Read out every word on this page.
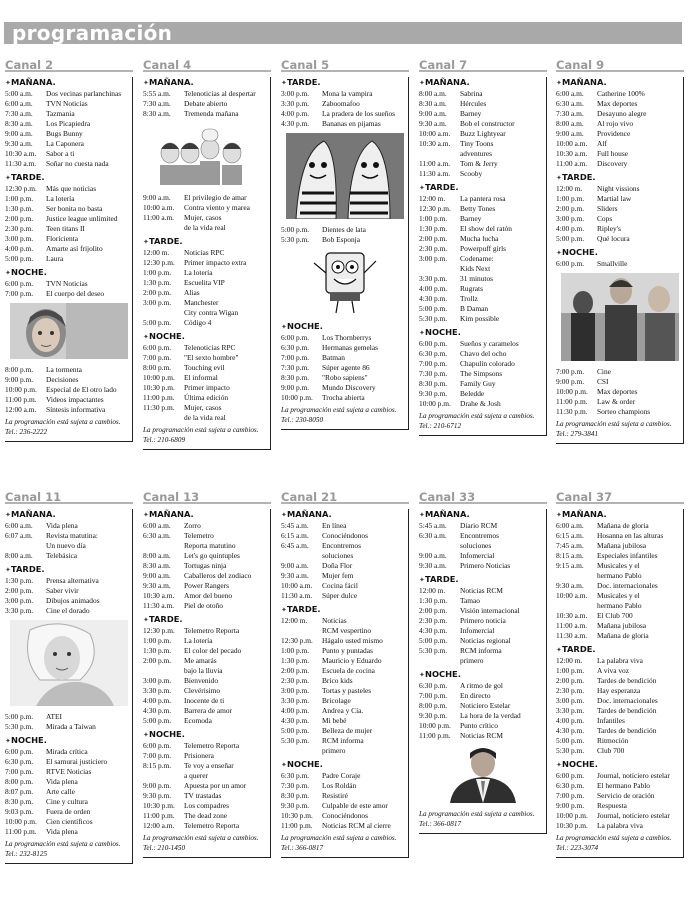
programación
Canal 2
✦MAÑANA.
5:00 a.m.	Dos vecinas parlanchinas
6:00 a.m.	TVN Noticias
7:30 a.m.	Tazmania
8:30 a.m.	Los Picapiedra
9:00 a.m.	Bugs Bunny
9:30 a.m.	La Caponera
10:30 a.m.	Sabor a ti
11:30 a.m.	Soñar no cuesta nada
✦TARDE.
12:30 p.m.	Más que noticias
1:00 p.m.	La lotería
1:30 p.m.	Ser bonita no basta
2:00 p.m.	Justice league unlimited
2:30 p.m.	Teen titans II
3:00 p.m.	Floricienta
4:00 p.m.	Amarte así frijolito
5:00 p.m.	Laura
✦NOCHE.
6:00 p.m.	TVN Noticias
7:00 p.m.	El cuerpo del deseo
8:00 p.m.	La tormenta
9:00 p.m.	Decisiones
10:00 p.m.	Especial de El otro lado
11:00 p.m.	Videos impactantes
12:00 a.m.	Síntesis informativa
La programación está sujeta a cambios. Tel.: 236-2222
Canal 4
✦MAÑANA.
5:55 a.m.	Telenoticias al despertar
7:30 a.m.	Debate abierto
8:30 a.m.	Tremenda mañana
9:00 a.m.	El privilegio de amar
10:00 a.m.	Contra viento y marea
11:00 a.m.	Mujer, casos
de la vida real
✦TARDE.
12:00 m.	Noticias RPC
12:30 p.m.	Primer impacto extra
1:00 p.m.	La lotería
1:30 p.m.	Escuelita VIP
2:00 p.m.	Alias
3:00 p.m.	Manchester
City contra Wigan
5:00 p.m.	Código 4
✦NOCHE.
6:00 p.m.	Telenoticias RPC
7:00 p.m.	"El sexto hombre"
8:00 p.m.	Touching evil
10:00 p.m.	El informal
10:30 p.m.	Primer impacto
11:00 p.m.	Última edición
11:30 p.m.	Mujer, casos
de la vida real
La programación está sujeta a cambios. Tel.: 210-6809
Canal 5
✦TARDE.
3:00 p.m.	Mona la vampira
3:30 p.m.	Zaboomafoo
4:00 p.m.	La pradera de los sueños
4:30 p.m.	Bananas en pijamas
5:00 p.m.	Dientes de lata
5:30 p.m.	Bob Esponja
✦NOCHE.
6:00 p.m.	Los Thornberrys
6:30 p.m.	Hermanas gemelas
7:00 p.m.	Batman
7:30 p.m.	Súper agente 86
8:30 p.m.	"Robo sapiens"
9:00 p.m.	Mundo Discovery
10:00 p.m.	Trocha abierta
La programación está sujeta a cambios. Tel.: 230-8050
Canal 7
✦MAÑANA.
8:00 a.m.	Sabrina
8:30 a.m.	Hércules
9:00 a.m.	Barney
9:30 a.m.	Bob el constructor
10:00 a.m.	Buzz Lightyear
10:30 a.m.	Tiny Toons
adventures
11:00 a.m.	Tom & Jerry
11:30 a.m.	Scooby
✦TARDE.
12:00 m.	La pantera rosa
12:30 p.m.	Betty Tones
1:00 p.m.	Barney
1:30 p.m.	El show del ratón
2:00 p.m.	Mucha lucha
2:30 p.m.	Powerpuff girls
3:00 p.m.	Codename:
Kids Next
3:30 p.m.	31 minutos
4:00 p.m.	Rugrats
4:30 p.m.	Trollz
5:00 p.m.	B Daman
5:30 p.m.	Kim possible
✦NOCHE.
6:00 p.m.	Sueños y caramelos
6:30 p.m.	Chavo del ocho
7:00 p.m.	Chapulín colorado
7:30 p.m.	The Simpsons
8:30 p.m.	Family Guy
9:30 p.m.	Beledde
10:00 p.m.	Drahe & Josh
La programación está sujeta a cambios. Tel.: 210-6712
Canal 9
✦MAÑANA.
6:00 a.m.	Catherine 100%
6:30 a.m.	Max deportes
7:30 a.m.	Desayuno alegre
8:00 a.m.	Al rojo vivo
9:00 a.m.	Providence
10:00 a.m.	Alf
10:30 a.m.	Full house
11:00 a.m.	Discovery
✦TARDE.
12:00 m.	Night vissions
1:00 p.m.	Martial law
2:00 p.m.	Sliders
3:00 p.m.	Cops
4:00 p.m.	Ripley's
5:00 p.m.	Qué locura
✦NOCHE.
6:00 p.m.	Smallville
7:00 p.m.	Cine
9:00 p.m.	CSI
10:00 p.m.	Max deportes
11:00 p.m.	Law & order
11:30 p.m.	Sorteo champions
La programación está sujeta a cambios. Tel.: 279-3841
Canal 11
✦MAÑANA.
6:00 a.m.	Vida plena
6:07 a.m.	Revista matutina:
Un nuevo día
8:00 a.m.	Telebásica
✦TARDE.
1:30 p.m.	Prensa alternativa
2:00 p.m.	Saber vivir
3:00 p.m.	Dibujos animados
3:30 p.m.	Cine el dorado
5:00 p.m.	ATEI
5:30 p.m.	Mirada a Taiwan
✦NOCHE.
6:00 p.m.	Mirada crítica
6:30 p.m.	El samurai justiciero
7:00 p.m.	RTVE Noticias
8:00 p.m.	Vida plena
8:07 p.m.	Arte calle
8:30 p.m.	Cine y cultura
9:03 p.m.	Fuera de orden
10:00 p.m.	Cien científicos
11:00 p.m.	Vida plena
La programación está sujeta a cambios. Tel.: 232-8125
Canal 13
✦MAÑANA.
6:00 a.m.	Zorro
6:30 a.m.	Telemetro
Reporta matutino
8:00 a.m.	Let's go quintuples
8:30 a.m.	Tortugas ninja
9:00 a.m.	Caballeros del zodiaco
9:30 a.m.	Power Rangers
10:30 a.m.	Amor del bueno
11:30 a.m.	Piel de otoño
✦TARDE.
12:30 p.m.	Telemetro Reporta
1:00 p.m.	La lotería
1:30 p.m.	El color del pecado
2:00 p.m.	Me amarás
bajo la lluvia
3:00 p.m.	Bienvenido
3:30 p.m.	Clevérisimo
4:00 p.m.	Inocente de ti
4:30 p.m.	Barrera de amor
5:00 p.m.	Ecomoda
✦NOCHE.
6:00 p.m.	Telemetro Reporta
7:00 p.m.	Prisionera
8:15 p.m.	Te voy a enseñar
a querer
9:00 p.m.	Apuesta por un amor
9:30 p.m.	TV trastadas
10:30 p.m.	Los compadres
11:00 p.m.	The dead zone
12:00 a.m.	Telemetro Reporta
La programación está sujeta a cambios. Tel.: 210-1450
Canal 21
✦MAÑANA.
5:45 a.m.	En línea
6:15 a.m.	Conociéndonos
6:45 a.m.	Encontremos
soluciones
9:00 a.m.	Doña Flor
9:30 a.m.	Mujer fem
10:00 a.m.	Cocina fácil
11:30 a.m.	Súper dulce
✦TARDE.
12:00 m.	Noticias
RCM vespertino
12:30 p.m.	Hágalo usted mismo
1:00 p.m.	Punto y puntadas
1:30 p.m.	Mauricio y Eduardo
2:00 p.m.	Escuela de cocina
2:30 p.m.	Brico kids
3:00 p.m.	Tortas y pasteles
3:30 p.m.	Bricolage
4:00 p.m.	Andrea y Cía.
4:30 p.m.	Mi bebé
5:00 p.m.	Belleza de mujer
5:30 p.m.	RCM informa
primero
✦NOCHE.
6:30 p.m.	Padre Coraje
7:30 p.m.	Los Roldán
8:30 p.m.	Resistiré
9:30 p.m.	Culpable de este amor
10:30 p.m.	Conociéndonos
11:00 p.m.	Noticias RCM al cierre
La programación está sujeta a cambios. Tel.: 366-0817
Canal 33
✦MAÑANA.
5:45 a.m.	Diario RCM
6:30 a.m.	Encontremos
soluciones
9:00 a.m.	Infomercial
9:30 a.m.	Primero Noticias
✦TARDE.
12:00 m.	Noticias RCM
1:30 p.m.	Tamao
2:00 p.m.	Visión internacional
2:30 p.m.	Primero noticia
4:30 p.m.	Infomercial
5:00 p.m.	Noticias regional
5:30 p.m.	RCM informa
primero
✦NOCHE.
6:30 p.m.	A ritmo de gol
7:00 p.m.	En directo
8:00 p.m.	Noticiero Estelar
9:30 p.m.	La hora de la verdad
10:00 p.m.	Punto crítico
11:00 p.m.	Noticias RCM
La programación está sujeta a cambios. Tel.: 366-0817
Canal 37
✦MAÑANA.
6:00 a.m.	Mañana de gloria
6:15 a.m.	Hosanna en las alturas
7:45 a.m.	Mañana jubilosa
8:15 a.m.	Especiales infantiles
9:15 a.m.	Musicales y el
hermano Pablo
9:30 a.m.	Doc. internacionales
10:00 a.m.	Musicales y el
hermano Pablo
10:30 a.m.	El Club 700
11:00 a.m.	Mañana jubilosa
11:30 a.m.	Mañana de gloria
✦TARDE.
12:00 m.	La palabra viva
1:00 p.m.	A viva voz
2:00 p.m.	Tardes de bendición
2:30 p.m.	Hay esperanza
3:00 p.m.	Doc. internacionales
3:30 p.m.	Tardes de bendición
4:00 p.m.	Infantiles
4:30 p.m.	Tardes de bendición
5:00 p.m.	Ritmoción
5:30 p.m.	Club 700
✦NOCHE.
6:00 p.m.	Journal, noticiero estelar
6:30 p.m.	El hermano Pablo
7:00 p.m.	Servicio de oración
9:00 p.m.	Respuesta
10:00 p.m.	Journal, noticiero estelar
10:30 p.m.	La palabra viva
La programación está sujeta a cambios. Tel.: 223-3074
